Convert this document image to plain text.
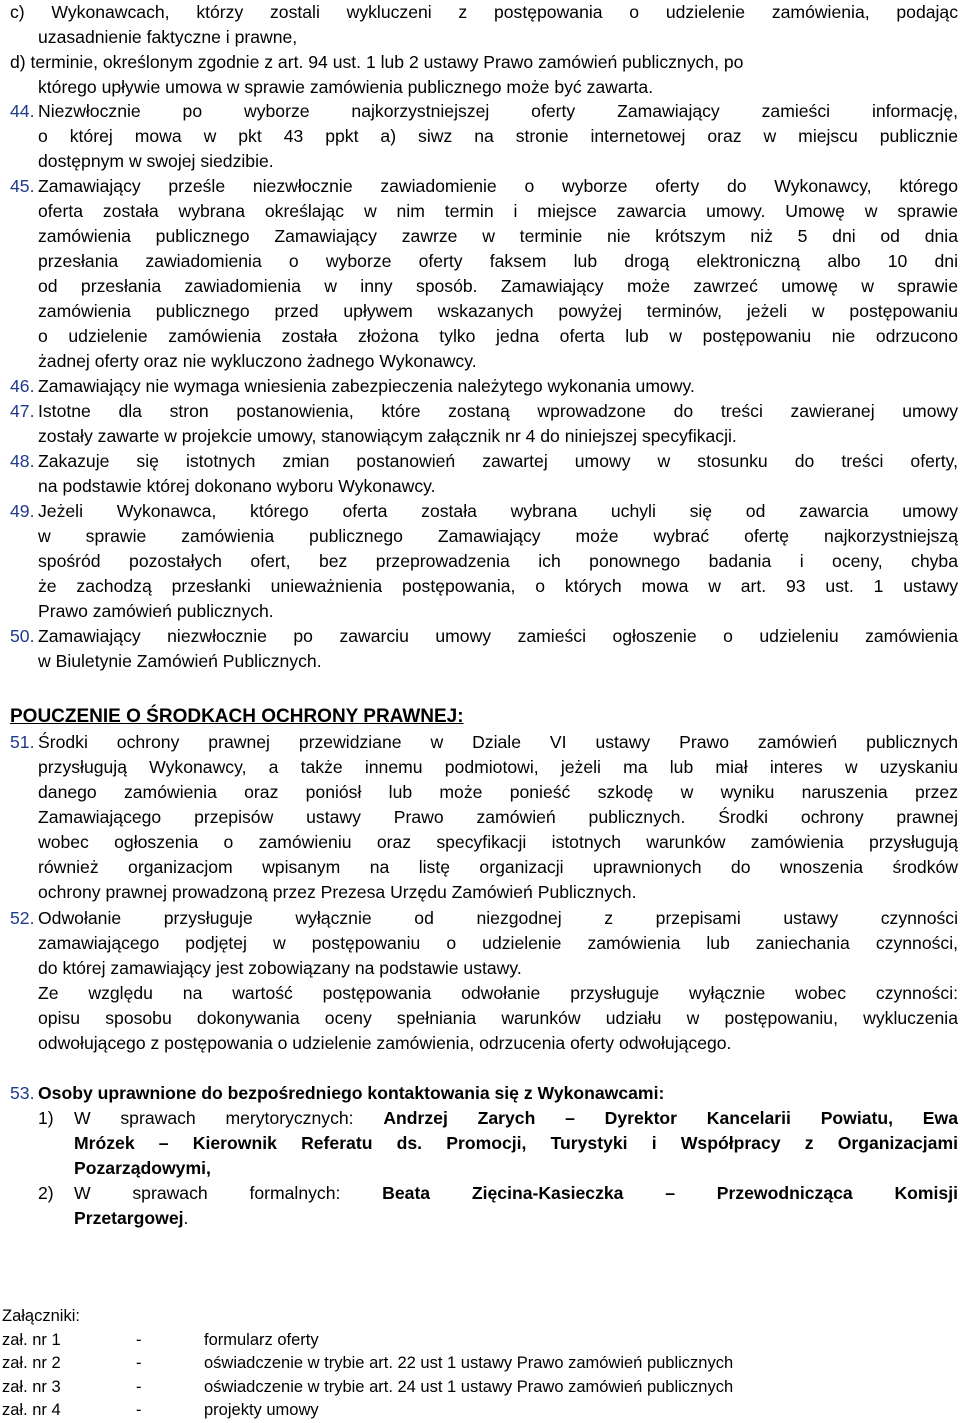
c) Wykonawcach, którzy zostali wykluczeni z postępowania o udzielenie zamówienia, podając
uzasadnienie faktyczne i prawne,
d) terminie, określonym zgodnie z art. 94 ust. 1 lub 2 ustawy Prawo zamówień publicznych, po
którego upływie umowa w sprawie zamówienia publicznego może być zawarta.
44. Niezwłocznie po wyborze najkorzystniejszej oferty Zamawiający zamieści informację,
o której mowa w pkt 43 ppkt a) siwz na stronie internetowej oraz w miejscu publicznie
dostępnym w swojej siedzibie.
45. Zamawiający prześle niezwłocznie zawiadomienie o wyborze oferty do Wykonawcy, którego
oferta została wybrana określając w nim termin i miejsce zawarcia umowy. Umowę w sprawie
zamówienia publicznego Zamawiający zawrze w terminie nie krótszym niż 5 dni od dnia
przesłania zawiadomienia o wyborze oferty faksem lub drogą elektroniczną albo 10 dni
od przesłania zawiadomienia w inny sposób. Zamawiający może zawrzeć umowę w sprawie
zamówienia publicznego przed upływem wskazanych powyżej terminów, jeżeli w postępowaniu
o udzielenie zamówienia została złożona tylko jedna oferta lub w postępowaniu nie odrzucono
żadnej oferty oraz nie wykluczono żadnego Wykonawcy.
46. Zamawiający nie wymaga wniesienia zabezpieczenia należytego wykonania umowy.
47. Istotne dla stron postanowienia, które zostaną wprowadzone do treści zawieranej umowy
zostały zawarte w projekcie umowy, stanowiącym załącznik nr 4 do niniejszej specyfikacji.
48. Zakazuje się istotnych zmian postanowień zawartej umowy w stosunku do treści oferty,
na podstawie której dokonano wyboru Wykonawcy.
49. Jeżeli Wykonawca, którego oferta została wybrana uchyli się od zawarcia umowy
w sprawie zamówienia publicznego Zamawiający może wybrać ofertę najkorzystniejszą
spośród pozostałych ofert, bez przeprowadzenia ich ponownego badania i oceny, chyba
że zachodzą przesłanki unieważnienia postępowania, o których mowa w art. 93 ust. 1 ustawy
Prawo zamówień publicznych.
50. Zamawiający niezwłocznie po zawarciu umowy zamieści ogłoszenie o udzieleniu zamówienia
w Biuletynie Zamówień Publicznych.
POUCZENIE O ŚRODKACH OCHRONY PRAWNEJ:
51. Środki ochrony prawnej przewidziane w Dziale VI ustawy Prawo zamówień publicznych
przysługują Wykonawcy, a także innemu podmiotowi, jeżeli ma lub miał interes w uzyskaniu
danego zamówienia oraz poniósł lub może ponieść szkodę w wyniku naruszenia przez
Zamawiającego przepisów ustawy Prawo zamówień publicznych. Środki ochrony prawnej
wobec ogłoszenia o zamówieniu oraz specyfikacji istotnych warunków zamówienia przysługują
również organizacjom wpisanym na listę organizacji uprawnionych do wnoszenia środków
ochrony prawnej prowadzoną przez Prezesa Urzędu Zamówień Publicznych.
52. Odwołanie przysługuje wyłącznie od niezgodnej z przepisami ustawy czynności
zamawiającego podjętej w postępowaniu o udzielenie zamówienia lub zaniechania czynności,
do której zamawiający jest zobowiązany na podstawie ustawy.
Ze względu na wartość postępowania odwołanie przysługuje wyłącznie wobec czynności:
opisu sposobu dokonywania oceny spełniania warunków udziału w postępowaniu, wykluczenia
odwołującego z postępowania o udzielenie zamówienia, odrzucenia oferty odwołującego.
53. Osoby uprawnione do bezpośredniego kontaktowania się z Wykonawcami:
1) W sprawach merytorycznych: Andrzej Zarych – Dyrektor Kancelarii Powiatu, Ewa
Mrózek – Kierownik Referatu ds. Promocji, Turystyki i Współpracy z Organizacjami
Pozarządowymi,
2) W sprawach formalnych: Beata Zięcina-Kasieczka – Przewodnicząca Komisji
Przetargowej.
Załączniki:
zał. nr 1	-	formularz oferty
zał. nr 2	-	oświadczenie w trybie art. 22 ust 1 ustawy Prawo zamówień publicznych
zał. nr 3	-	oświadczenie w trybie art. 24 ust 1 ustawy Prawo zamówień publicznych
zał. nr 4	-	projekty umowy
